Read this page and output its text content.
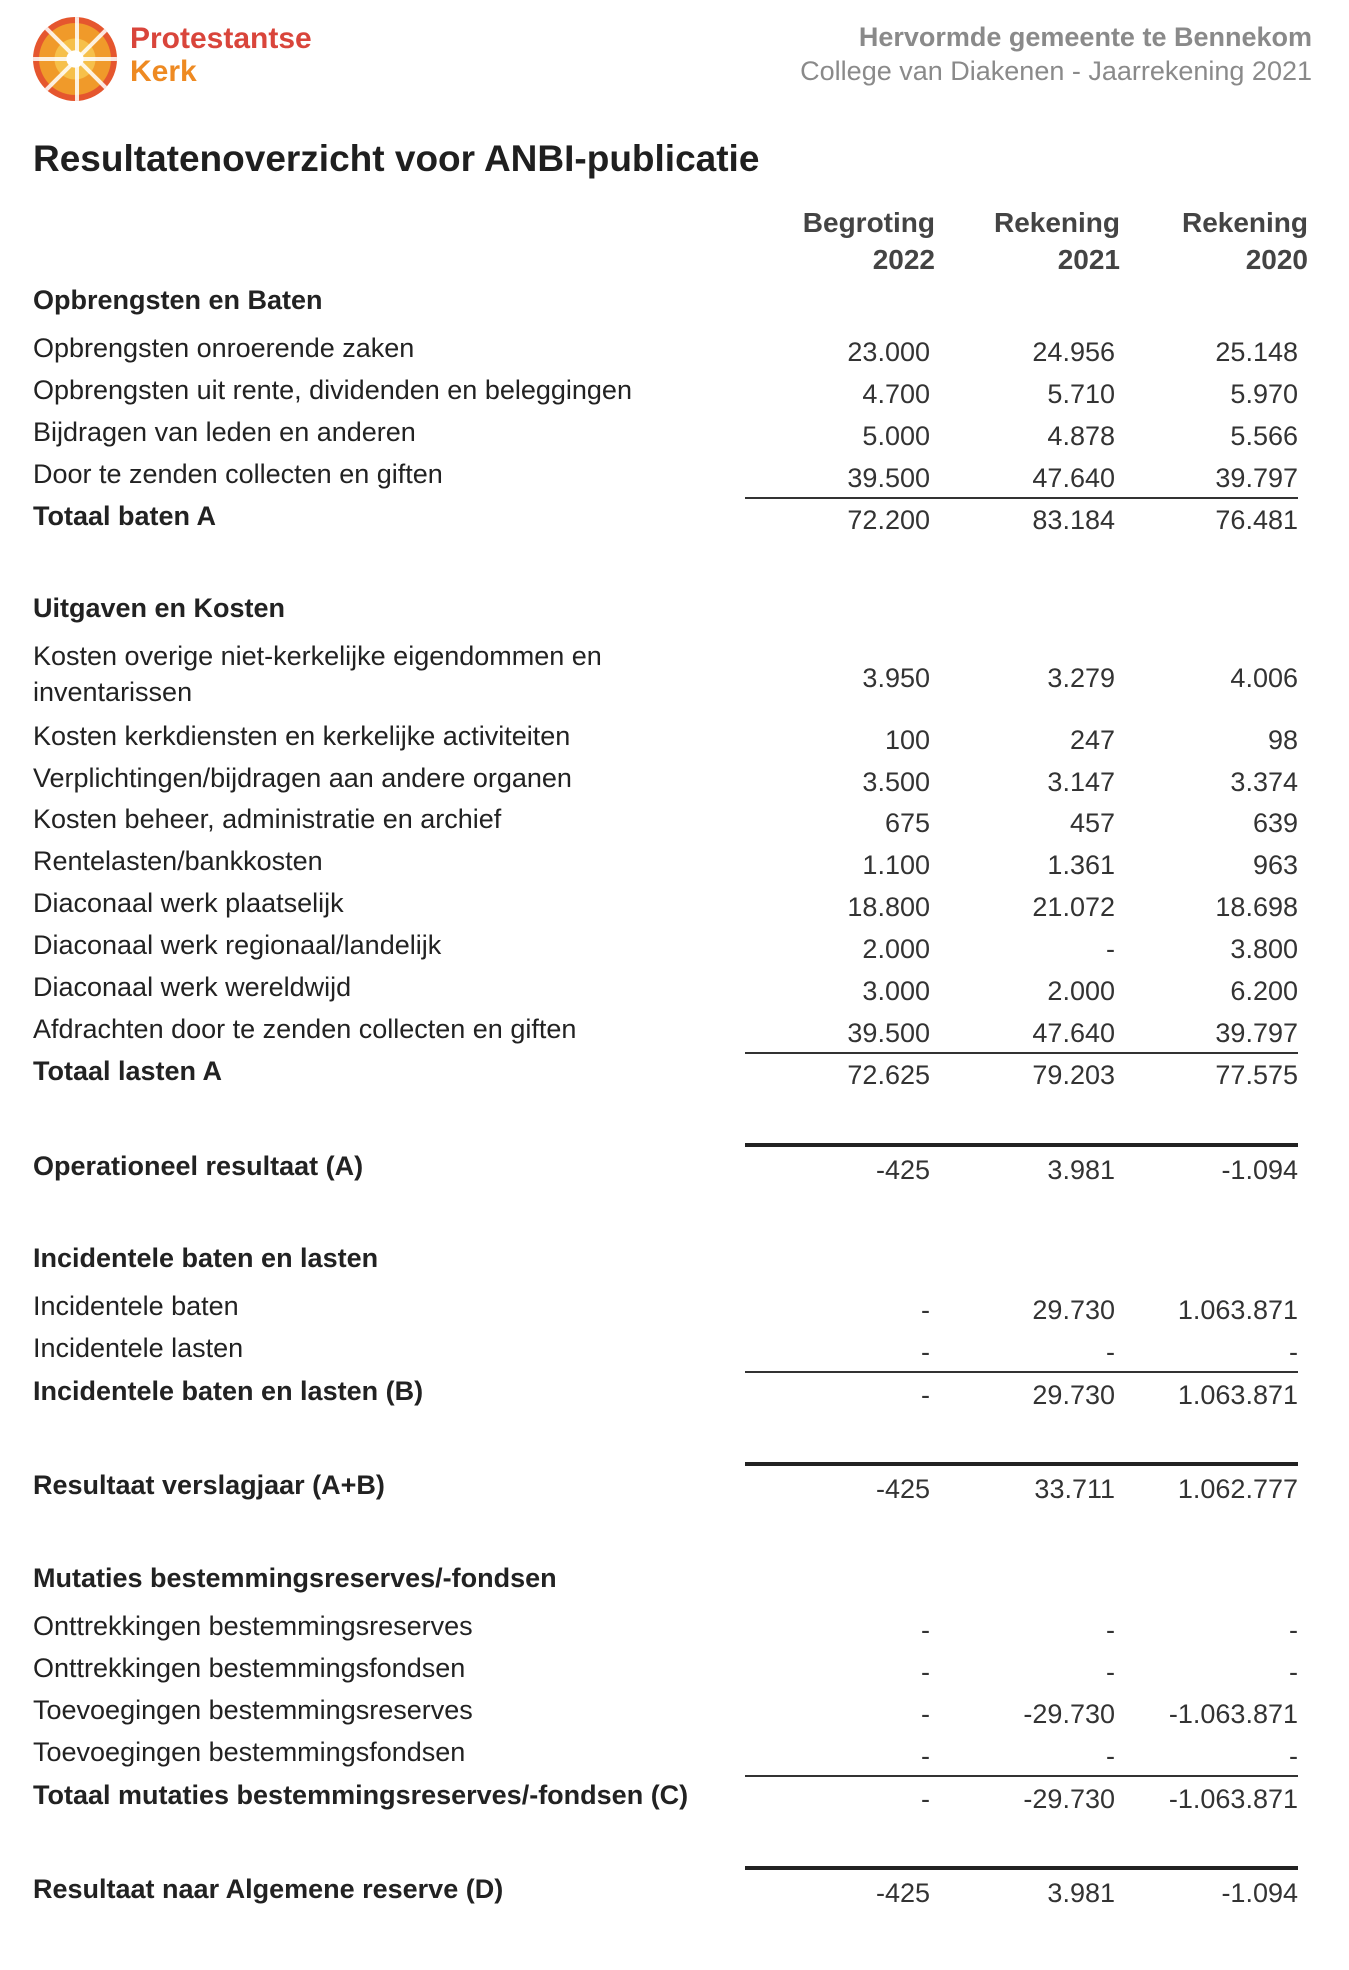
Protestantse
Kerk
Hervormde gemeente te Bennekom
College van Diakenen - Jaarrekening 2021
Resultatenoverzicht voor ANBI-publicatie
Begroting
2022
Rekening
2021
Rekening
2020
Opbrengsten en Baten
Opbrengsten onroerende zaken	23.000	24.956	25.148
Opbrengsten uit rente, dividenden en beleggingen	4.700	5.710	5.970
Bijdragen van leden en anderen	5.000	4.878	5.566
Door te zenden collecten en giften	39.500	47.640	39.797
Totaal baten A	72.200	83.184	76.481
Uitgaven en Kosten
Kosten overige niet-kerkelijke eigendommen en inventarissen	3.950	3.279	4.006
Kosten kerkdiensten en kerkelijke activiteiten	100	247	98
Verplichtingen/bijdragen aan andere organen	3.500	3.147	3.374
Kosten beheer, administratie en archief	675	457	639
Rentelasten/bankkosten	1.100	1.361	963
Diaconaal werk plaatselijk	18.800	21.072	18.698
Diaconaal werk regionaal/landelijk	2.000	-	3.800
Diaconaal werk wereldwijd	3.000	2.000	6.200
Afdrachten door te zenden collecten en giften	39.500	47.640	39.797
Totaal lasten A	72.625	79.203	77.575
Operationeel resultaat (A)	-425	3.981	-1.094
Incidentele baten en lasten
Incidentele baten	-	29.730	1.063.871
Incidentele lasten	-	-	-
Incidentele baten en lasten (B)	-	29.730	1.063.871
Resultaat verslagjaar (A+B)	-425	33.711	1.062.777
Mutaties bestemmingsreserves/-fondsen
Onttrekkingen bestemmingsreserves	-	-	-
Onttrekkingen bestemmingsfondsen	-	-	-
Toevoegingen bestemmingsreserves	-	-29.730	-1.063.871
Toevoegingen bestemmingsfondsen	-	-	-
Totaal mutaties bestemmingsreserves/-fondsen (C)	-	-29.730	-1.063.871
Resultaat naar Algemene reserve (D)	-425	3.981	-1.094
